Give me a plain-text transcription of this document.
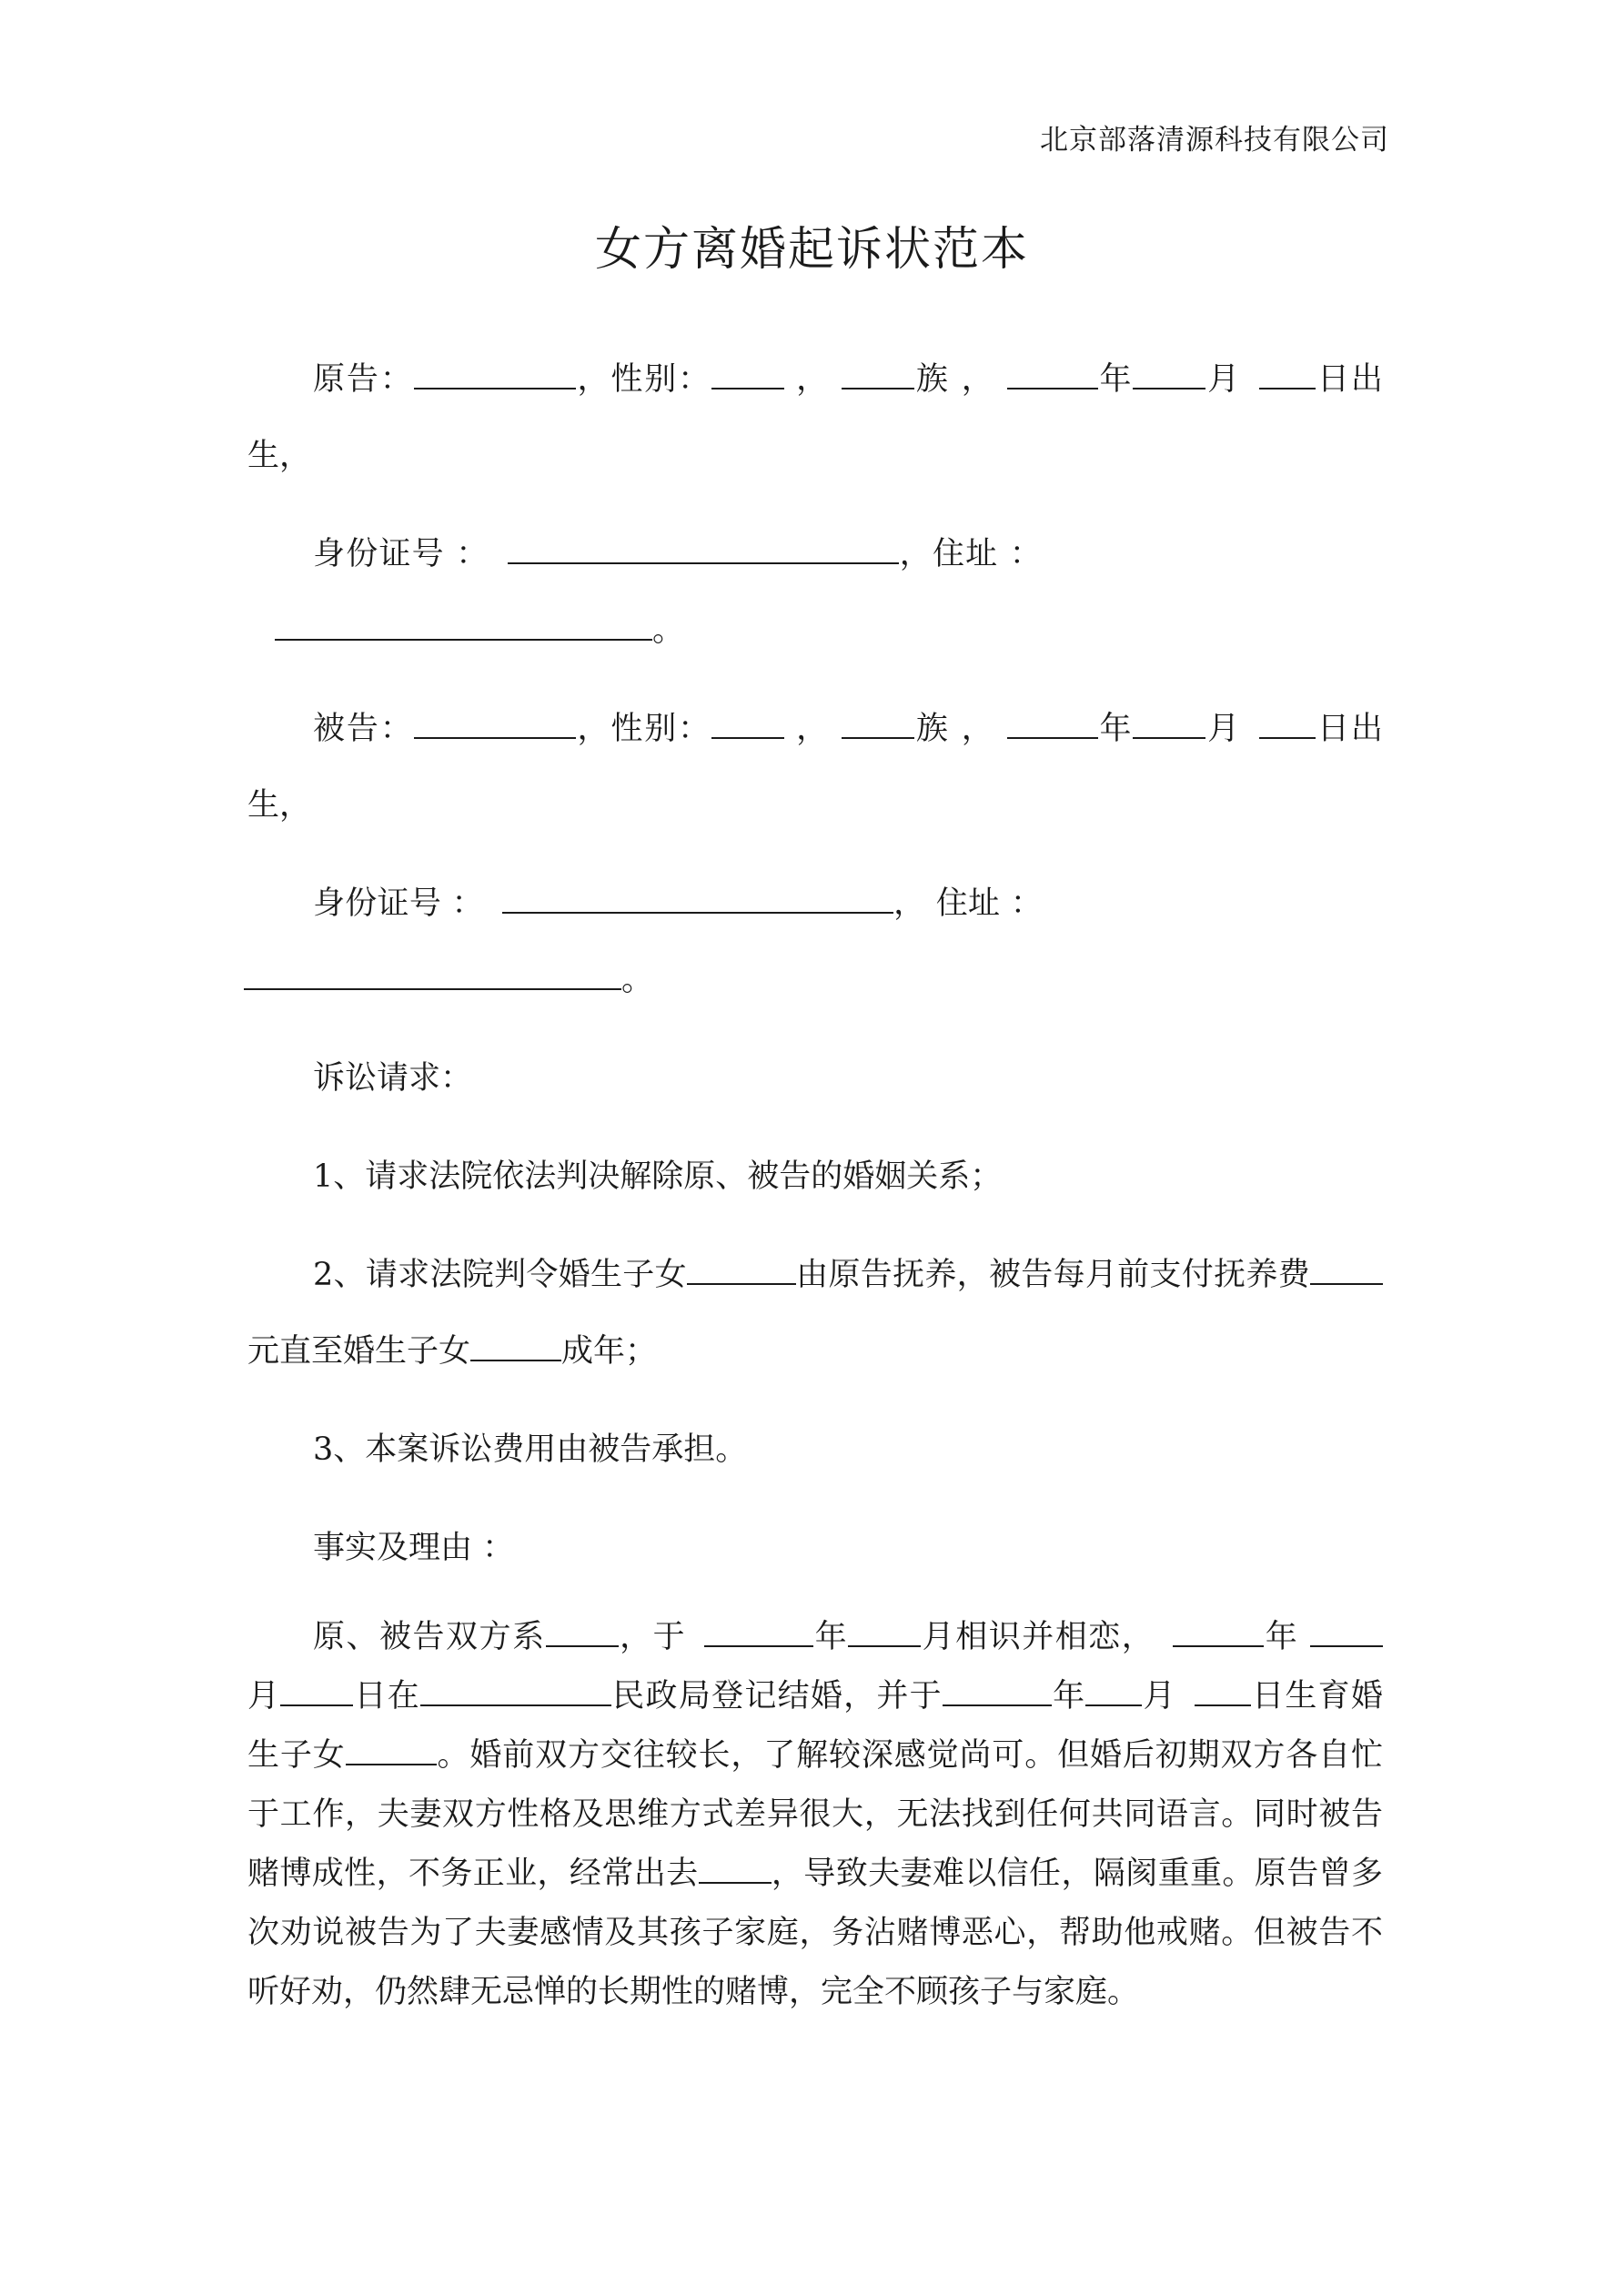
北京部落清源科技有限公司
女方离婚起诉状范本

原告：	，性别：	，	族 ，	年 月 日出生，

身份证号 ：	，住址 ：。

被告：	，性别：	，	族 ，	年 月 日出生，

身份证号 ：	， 住址 ：。

诉讼请求：

1、请求法院依法判决解除原、被告的婚姻关系；

2、请求法院判令婚生子女	由原告抚养，被告每月前支付抚养费元直至婚生子女	成年；

3、本案诉讼费用由被告承担。

事实及理由 ：

原、被告双方系 ，于	年 月相识并相恋，	年 月 日在	民政局登记结婚，并于	年 月 日生育婚生子女	。婚前双方交往较长，了解较深感觉尚可。但婚后初期双方各自忙于工作，夫妻双方性格及思维方式差异很大，无法找到任何共同语言。同时被告赌博成性，不务正业，经常出去 ，导致夫妻难以信任，隔阂重重。原告曾多次劝说被告为了夫妻感情及其孩子家庭，务沾赌博恶心，帮助他戒赌。但被告不听好劝，仍然肆无忌惮的长期性的赌博，完全不顾孩子与家庭。
